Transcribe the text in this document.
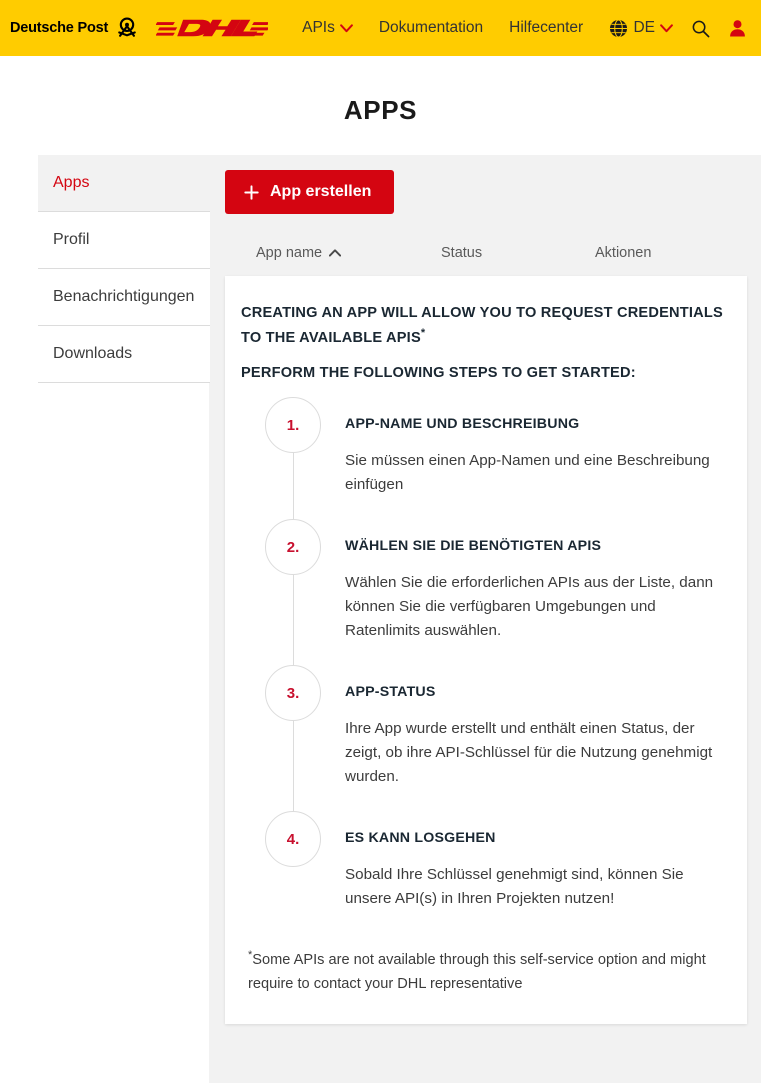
Deutsche Post	APIs	Dokumentation Hilfecenter	DE
APPS
Apps
Profil
Benachrichtigungen
Downloads
App erstellen
App name	Status	Aktionen
CREATING AN APP WILL ALLOW YOU TO REQUEST CREDENTIALS TO THE AVAILABLE APIS*
PERFORM THE FOLLOWING STEPS TO GET STARTED:
1.	APP-NAME UND BESCHREIBUNG
Sie müssen einen App-Namen und eine Beschreibung einfügen
2.	WÄHLEN SIE DIE BENÖTIGTEN APIS
Wählen Sie die erforderlichen APIs aus der Liste, dann können Sie die verfügbaren Umgebungen und Ratenlimits auswählen.
3.	APP-STATUS
Ihre App wurde erstellt und enthält einen Status, der zeigt, ob ihre API-Schlüssel für die Nutzung genehmigt wurden.
4.	ES KANN LOSGEHEN
Sobald Ihre Schlüssel genehmigt sind, können Sie unsere API(s) in Ihren Projekten nutzen!
*Some APIs are not available through this self-service option and might require to contact your DHL representative
